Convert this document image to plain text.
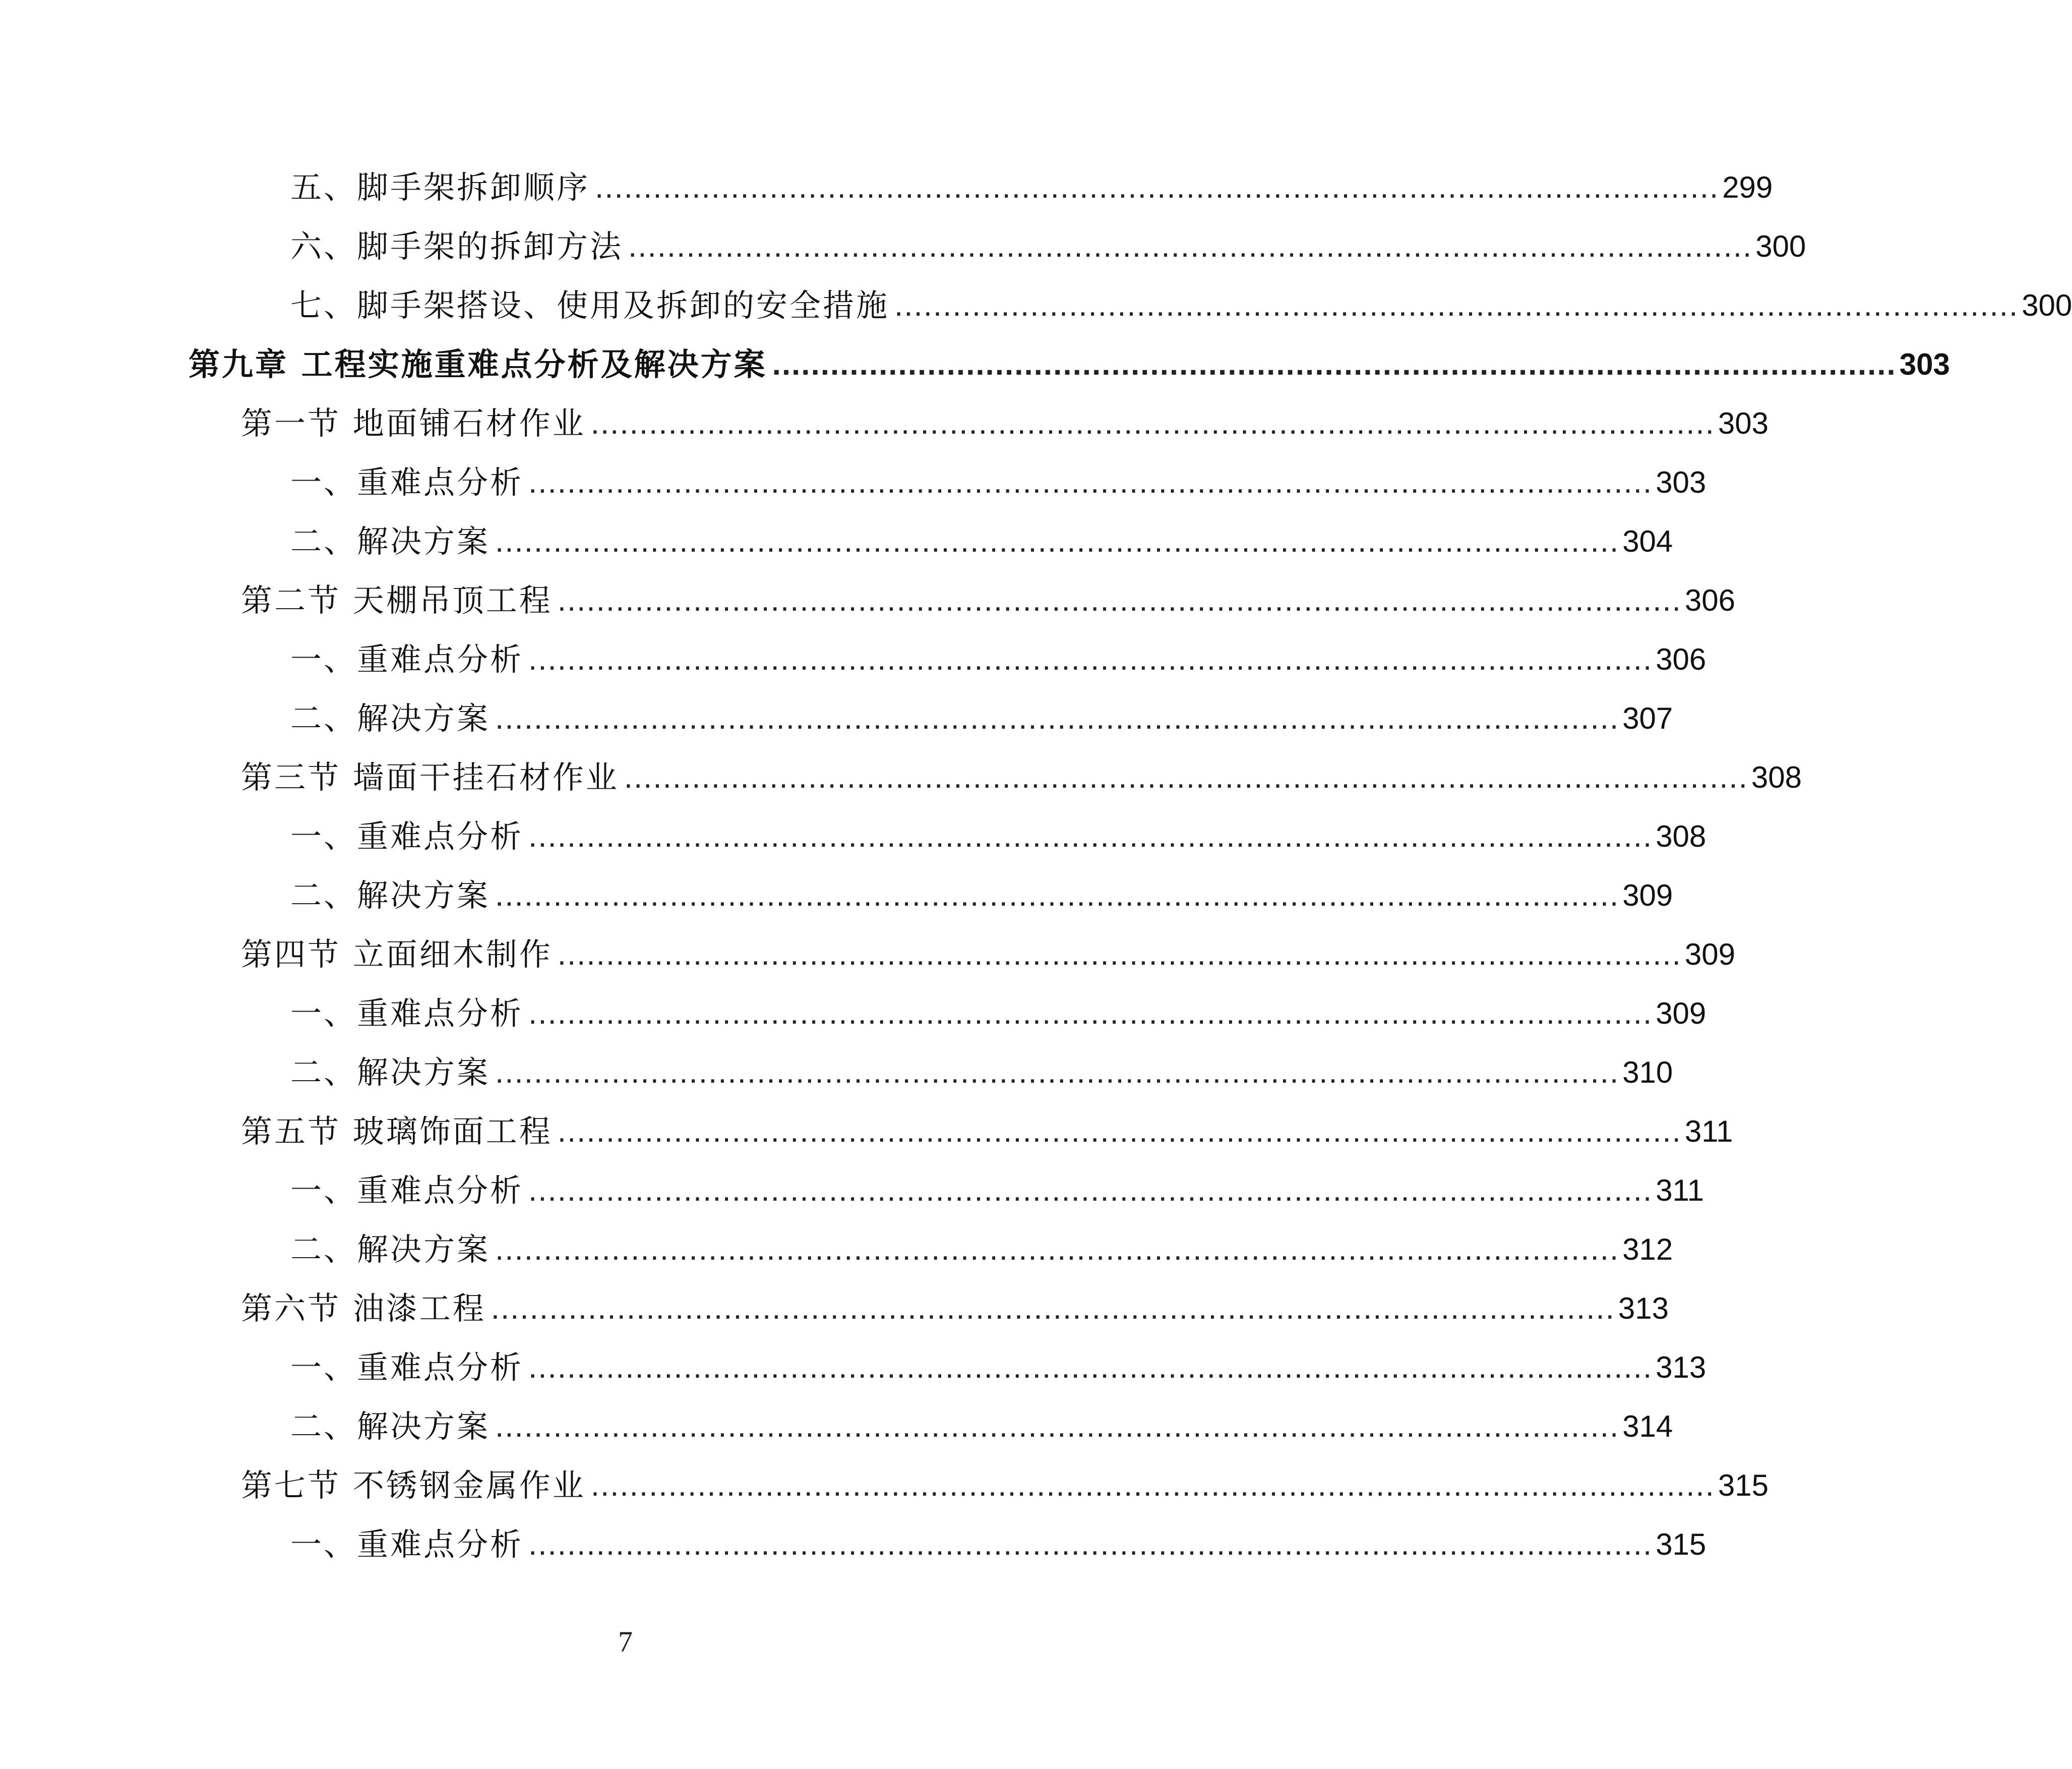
五、脚手架拆卸顺序 .................................................................................................................... 299
六、脚手架的拆卸方法 .................................................................................................................... 300
七、脚手架搭设、使用及拆卸的安全措施 .................................................................................................................... 300
第九章 工程实施重难点分析及解决方案 .................................................................................................................... 303
第一节 地面铺石材作业 .................................................................................................................... 303
一、重难点分析 .................................................................................................................... 303
二、解决方案 .................................................................................................................... 304
第二节 天棚吊顶工程 .................................................................................................................... 306
一、重难点分析 .................................................................................................................... 306
二、解决方案 .................................................................................................................... 307
第三节 墙面干挂石材作业 .................................................................................................................... 308
一、重难点分析 .................................................................................................................... 308
二、解决方案 .................................................................................................................... 309
第四节 立面细木制作 .................................................................................................................... 309
一、重难点分析 .................................................................................................................... 309
二、解决方案 .................................................................................................................... 310
第五节 玻璃饰面工程 .................................................................................................................... 311
一、重难点分析 .................................................................................................................... 311
二、解决方案 .................................................................................................................... 312
第六节 油漆工程 .................................................................................................................... 313
一、重难点分析 .................................................................................................................... 313
二、解决方案 .................................................................................................................... 314
第七节 不锈钢金属作业 .................................................................................................................... 315
一、重难点分析 .................................................................................................................... 315
7
